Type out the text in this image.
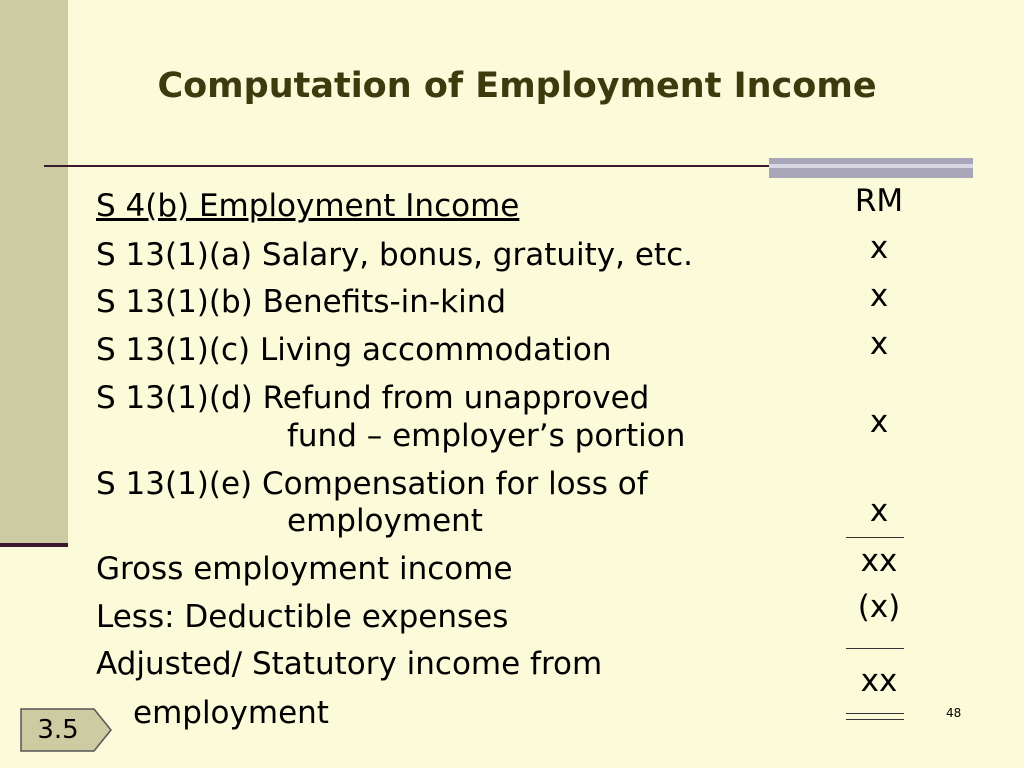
Computation of Employment Income
S 4(b) Employment Income
S 13(1)(a) Salary, bonus, gratuity, etc.
S 13(1)(b) Benefits-in-kind
S 13(1)(c) Living accommodation
S 13(1)(d) Refund from unapproved
fund – employer’s portion
S 13(1)(e) Compensation for loss of
employment
Gross employment income
Less: Deductible expenses
Adjusted/ Statutory income from
employment
RM
x
x
x
x
x
xx
(x)
xx
48
3.5
